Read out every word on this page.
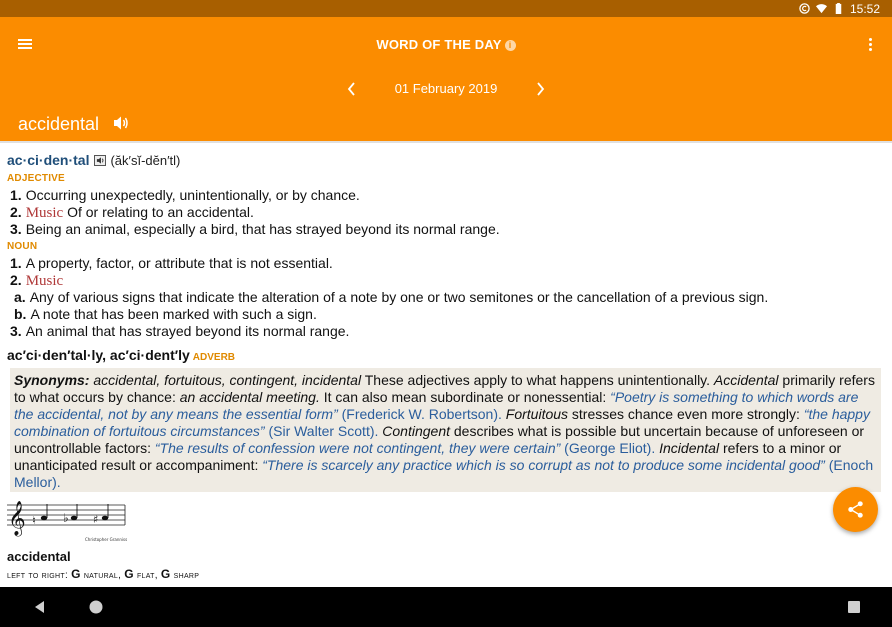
15:52
WORD OF THE DAY i
01 February 2019
accidental
ac·ci·den·tal (ăk′sĭ-dĕn′tl)
ADJECTIVE
1. Occurring unexpectedly, unintentionally, or by chance.
2. Music Of or relating to an accidental.
3. Being an animal, especially a bird, that has strayed beyond its normal range.
NOUN
1. A property, factor, or attribute that is not essential.
2. Music
a. Any of various signs that indicate the alteration of a note by one or two semitones or the cancellation of a previous sign.
b. A note that has been marked with such a sign.
3. An animal that has strayed beyond its normal range.
ac′ci·den′tal·ly, ac′ci·dent′ly ADVERB
Synonyms: accidental, fortuitous, contingent, incidental These adjectives apply to what happens unintentionally. Accidental primarily refers to what occurs by chance: an accidental meeting. It can also mean subordinate or nonessential: “Poetry is something to which words are the accidental, not by any means the essential form” (Frederick W. Robertson). Fortuitous stresses chance even more strongly: “the happy combination of fortuitous circumstances” (Sir Walter Scott). Contingent describes what is possible but uncertain because of unforeseen or uncontrollable factors: “The results of confession were not contingent, they were certain” (George Eliot). Incidental refers to a minor or unanticipated result or accompaniment: “There is scarcely any practice which is so corrupt as not to produce some incidental good” (Enoch Mellor).
𝄞 ♮ ♭ ♯
Christopher Granniss
accidental
left to right: G natural, G flat, G sharp
